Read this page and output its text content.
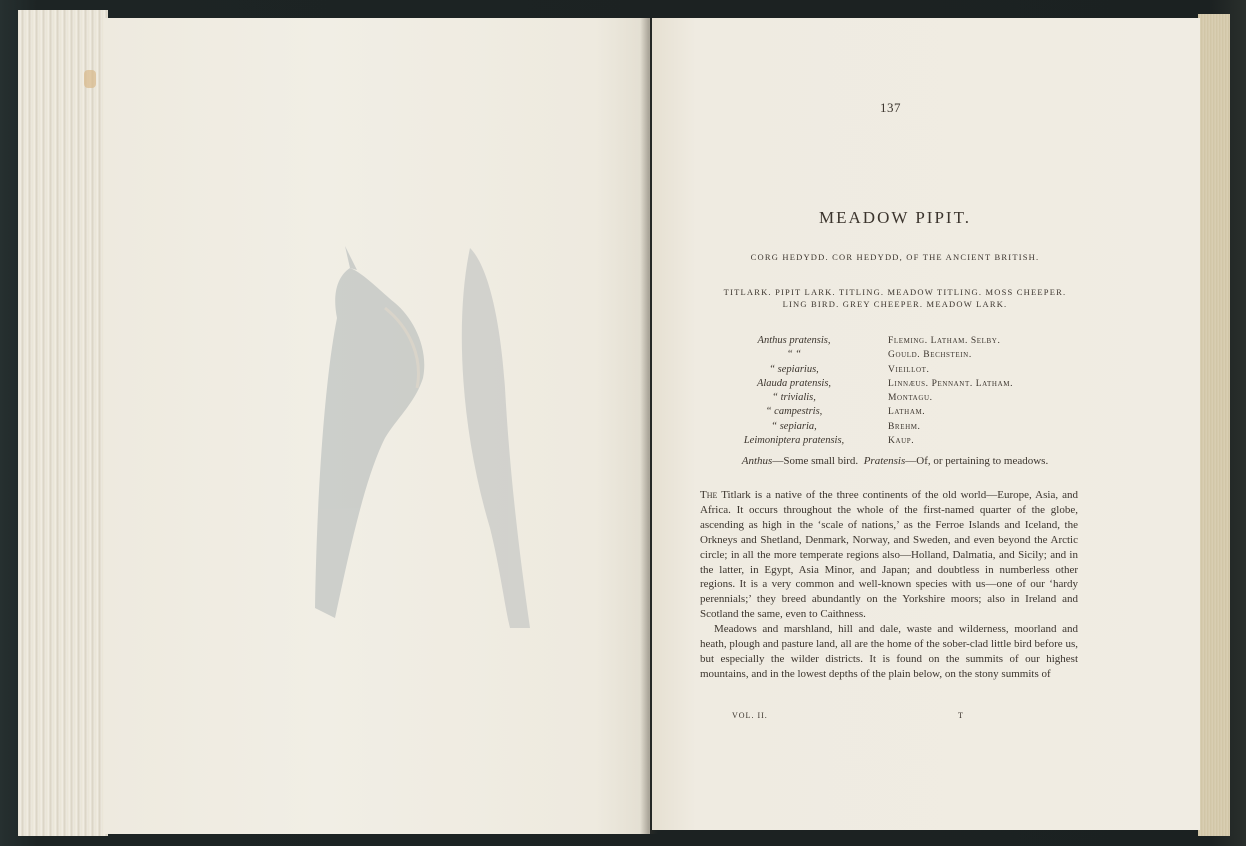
137
MEADOW PIPIT.
CORG HEDYDD. COR HEDYDD, OF THE ANCIENT BRITISH.
TITLARK. PIPIT LARK. TITLING. MEADOW TITLING. MOSS CHEEPER.
LING BIRD. GREY CHEEPER. MEADOW LARK.
Anthus pratensis,
“ “
“ sepiarius,
Alauda pratensis,
“ trivialis,
“ campestris,
“ sepiaria,
Leimoniptera pratensis,
Fleming. Latham. Selby.
Gould. Bechstein.
Vieillot.
Linnæus. Pennant. Latham.
Montagu.
Latham.
Brehm.
Kaup.
Anthus—Some small bird. Pratensis—Of, or pertaining to meadows.

The Titlark is a native of the three continents of the old world—Europe, Asia, and Africa. It occurs throughout the whole of the first-named quarter of the globe, ascending as high in the ‘scale of nations,’ as the Ferroe Islands and Iceland, the Orkneys and Shetland, Denmark, Norway, and Sweden, and even beyond the Arctic circle; in all the more temperate regions also—Holland, Dalmatia, and Sicily; and in the latter, in Egypt, Asia Minor, and Japan; and doubtless in numberless other regions. It is a very common and well-known species with us—one of our ‘hardy perennials;’ they breed abundantly on the Yorkshire moors; also in Ireland and Scotland the same, even to Caithness.

Meadows and marshland, hill and dale, waste and wilderness, moorland and heath, plough and pasture land, all are the home of the sober-clad little bird before us, but especially the wilder districts. It is found on the summits of our highest mountains, and in the lowest depths of the plain below, on the stony summits of

VOL. II.	T
